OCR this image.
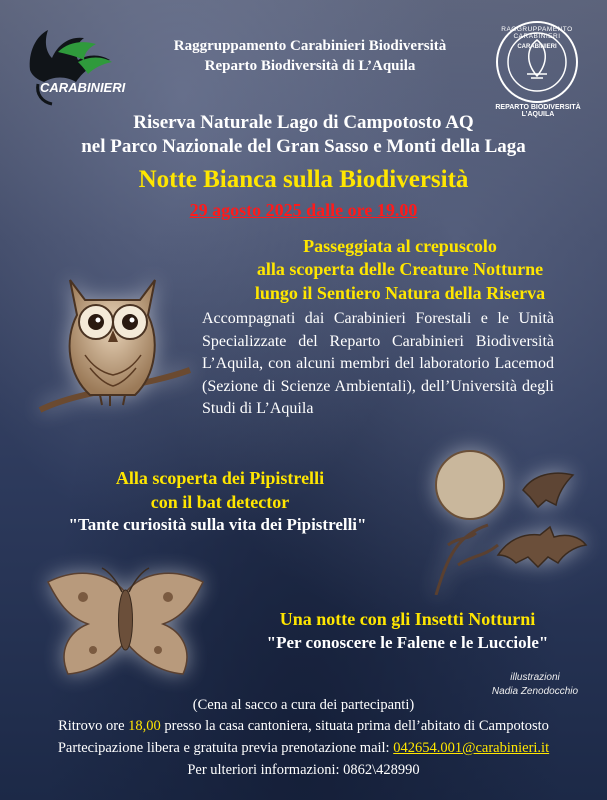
CARABINIERI
Raggruppamento Carabinieri Biodiversità
Reparto Biodiversità di L’Aquila
RAGGRUPPAMENTO CARABINIERI
CARABINIERI
REPARTO BIODIVERSITÀ L’AQUILA
Riserva Naturale Lago di Campotosto AQ
nel Parco Nazionale del Gran Sasso e Monti della Laga
Notte Bianca sulla Biodiversità
29 agosto 2025 dalle ore 19.00
Passeggiata al crepuscolo
alla scoperta delle Creature Notturne
lungo il Sentiero Natura della Riserva
Accompagnati dai Carabinieri Forestali e le Unità Specializzate del Reparto Carabinieri Biodiversità L’Aquila, con alcuni membri del laboratorio Lacemod (Sezione di Scienze Ambientali), dell’Università degli Studi di L’Aquila
Alla scoperta dei Pipistrelli
con il bat detector
"Tante curiosità sulla vita dei Pipistrelli"
Una notte con gli Insetti Notturni
"Per conoscere le Falene e le Lucciole"
illustrazioni
Nadia Zenodocchio
(Cena al sacco a cura dei partecipanti)
Ritrovo ore 18,00 presso la casa cantoniera, situata prima dell’abitato di Campotosto
Partecipazione libera e gratuita previa prenotazione mail: 042654.001@carabinieri.it
Per ulteriori informazioni: 0862\428990
